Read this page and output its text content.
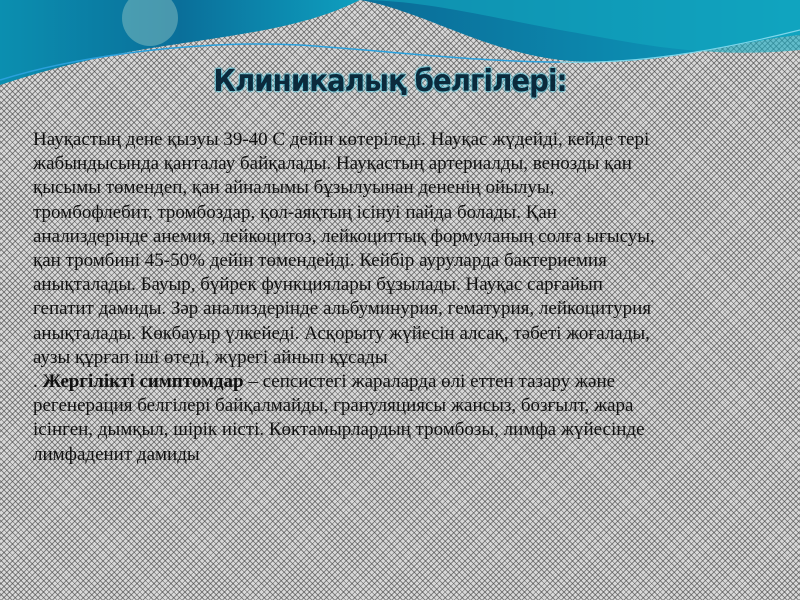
Клиникалық белгілері:
Науқастың дене қызуы 39-40 С дейін көтеріледі. Науқас жүдейді, кейде тері
жабындысында қанталау байқалады. Науқастың артериалды, венозды қан
қысымы төмендеп, қан айналымы бұзылуынан дененің ойылуы,
тромбофлебит, тромбоздар, қол-аяқтың ісінуі пайда болады. Қан
анализдерінде анемия, лейкоцитоз, лейкоциттық формуланың солға ығысуы,
қан тромбині 45-50% дейін төмендейді. Кейбір ауруларда бактериемия
анықталады. Бауыр, бүйрек функциялары бұзылады. Науқас сарғайып
гепатит дамиды. Зәр анализдерінде альбуминурия, гематурия, лейкоцитурия
анықталады. Көкбауыр үлкейеді. Асқорыту жүйесін алсақ, тәбеті жоғалады,
аузы құрғап іші өтеді, жүрегі айнып құсады
. Жергілікті симптомдар – сепсистегі жараларда өлі еттен тазару және
регенерация белгілері байқалмайды, грануляциясы жансыз, бозғылт, жара
ісінген, дымқыл, шірік иісті. Көктамырлардың тромбозы, лимфа жүйесінде
лимфаденит дамиды
